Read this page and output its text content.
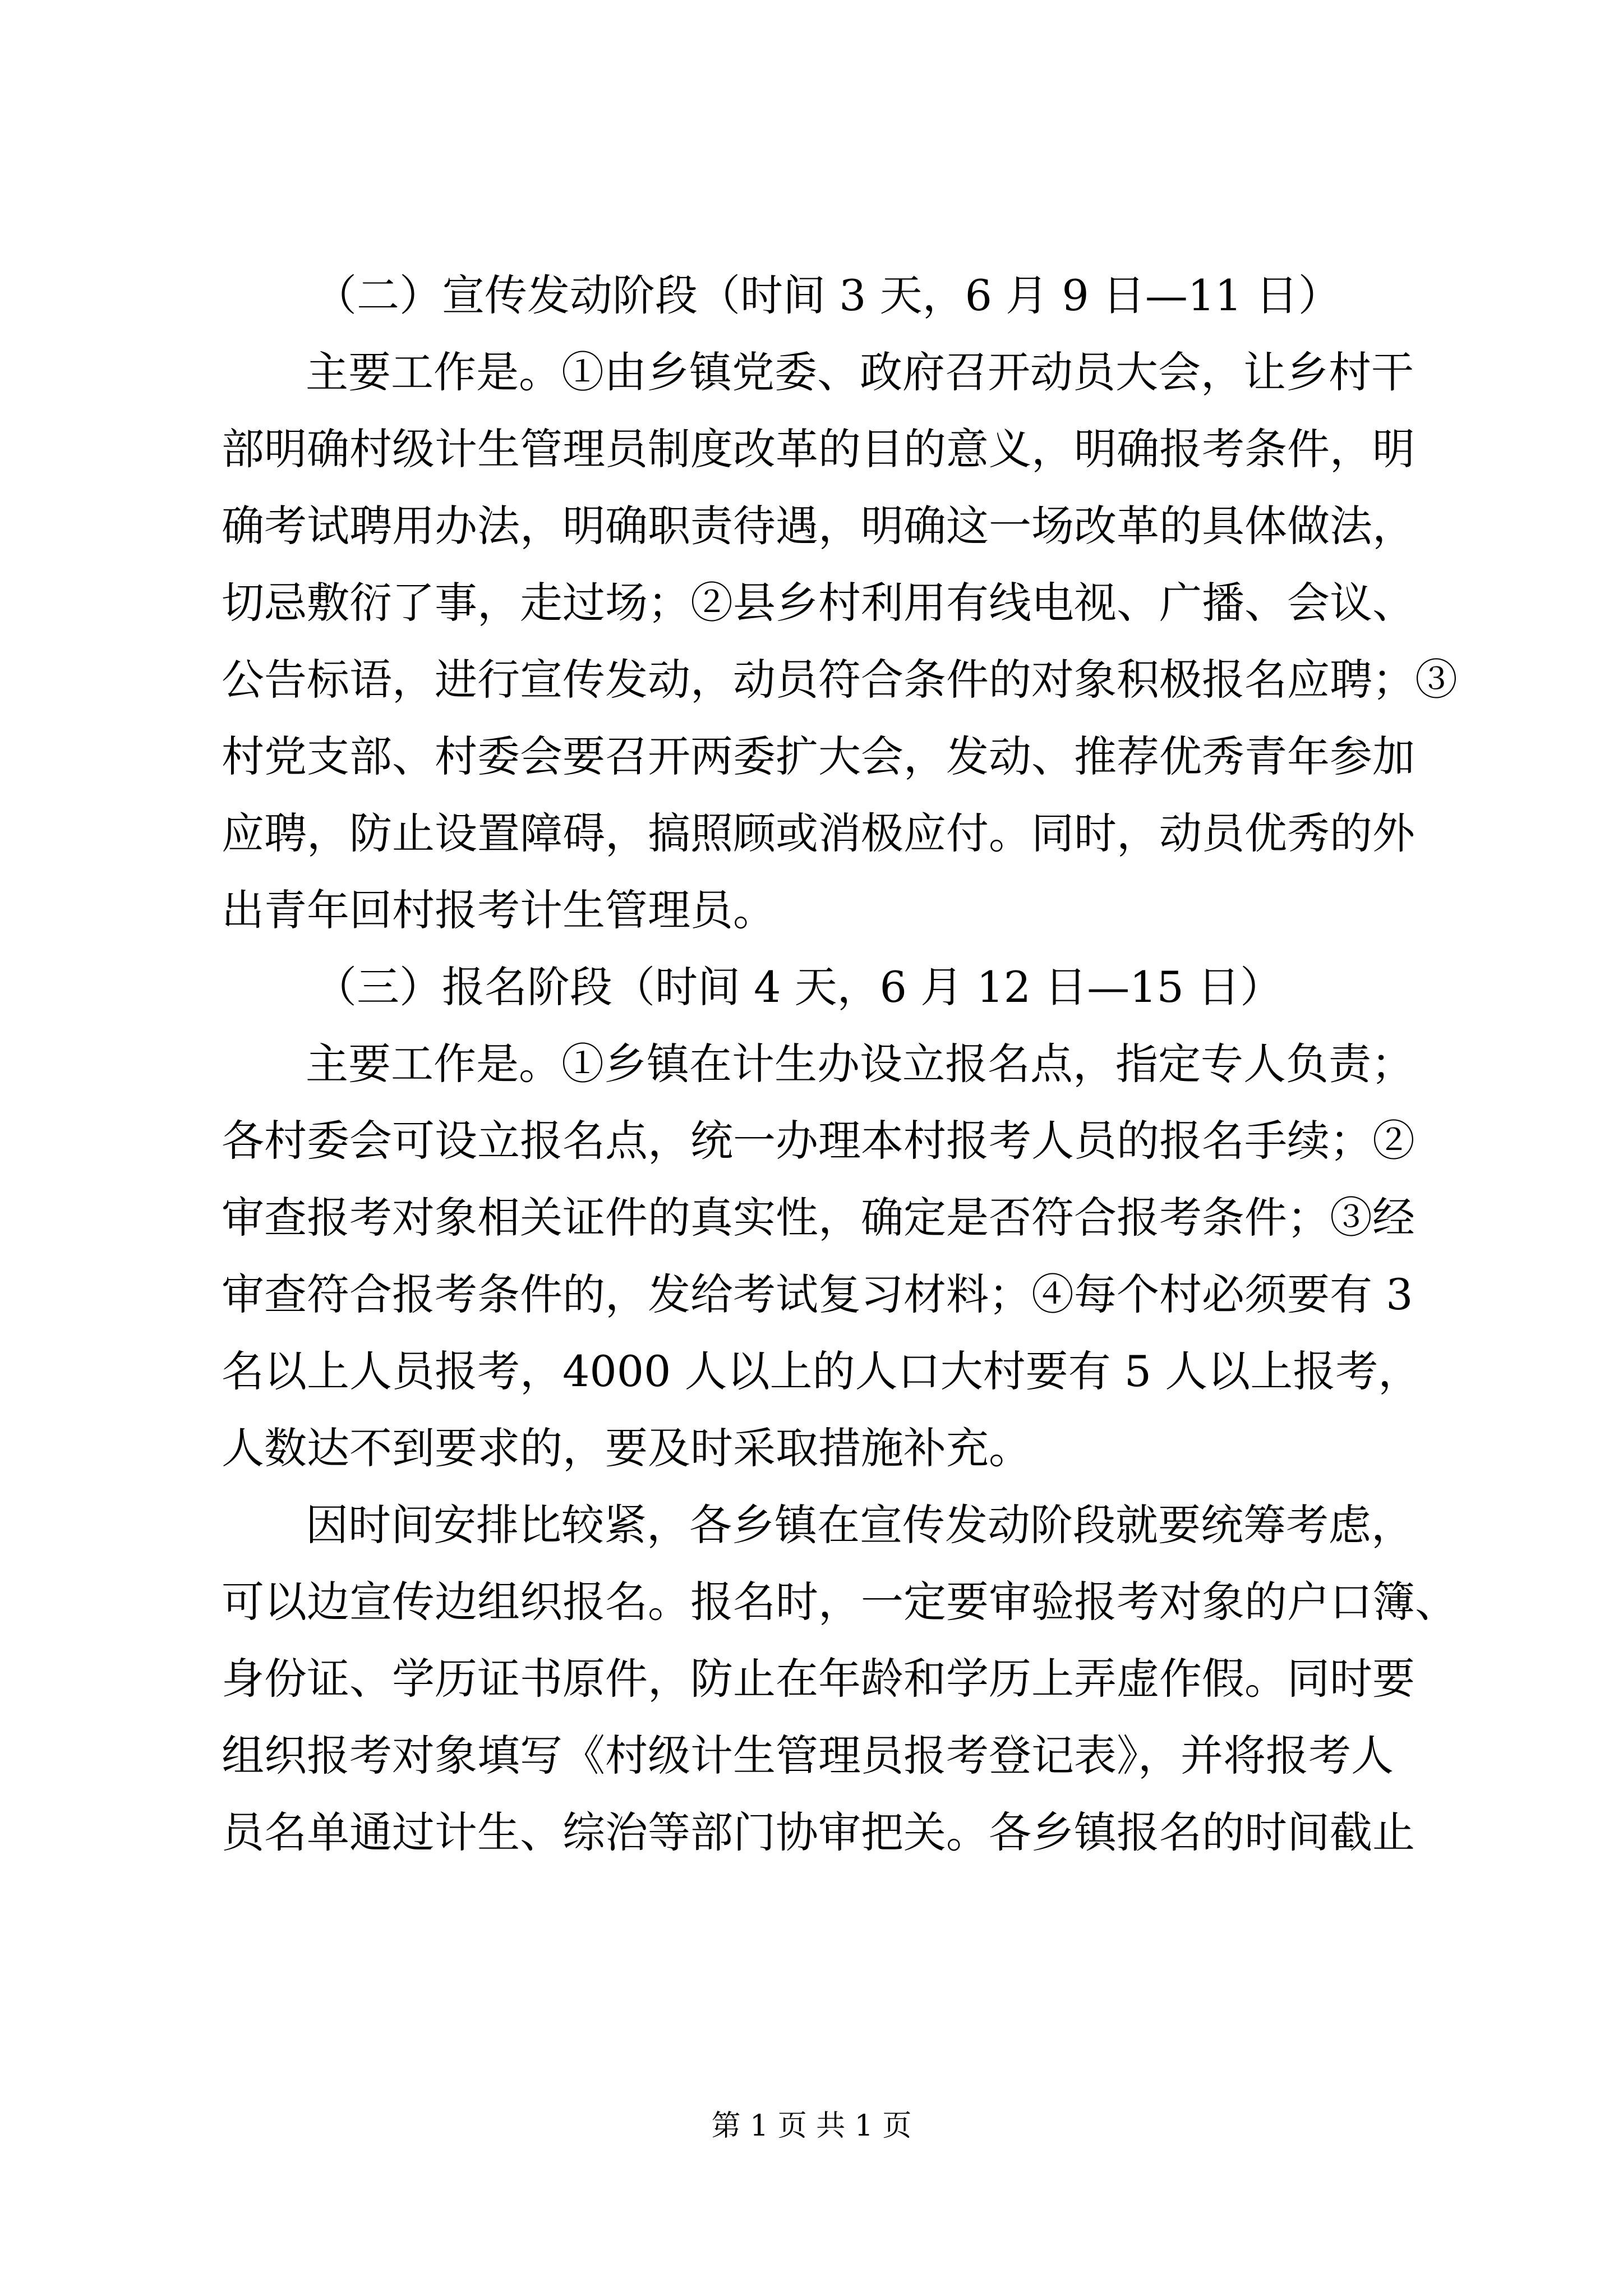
（二）宣传发动阶段（时间 3 天，6 月 9 日—11 日）
主要工作是。①由乡镇党委、政府召开动员大会，让乡村干
部明确村级计生管理员制度改革的目的意义，明确报考条件，明
确考试聘用办法，明确职责待遇，明确这一场改革的具体做法，
切忌敷衍了事，走过场；②县乡村利用有线电视、广播、会议、
公告标语，进行宣传发动，动员符合条件的对象积极报名应聘；③
村党支部、村委会要召开两委扩大会，发动、推荐优秀青年参加
应聘，防止设置障碍，搞照顾或消极应付。同时，动员优秀的外
出青年回村报考计生管理员。
（三）报名阶段（时间 4 天，6 月 12 日—15 日）
主要工作是。①乡镇在计生办设立报名点，指定专人负责；
各村委会可设立报名点，统一办理本村报考人员的报名手续；②
审查报考对象相关证件的真实性，确定是否符合报考条件；③经
审查符合报考条件的，发给考试复习材料；④每个村必须要有 3
名以上人员报考，4000 人以上的人口大村要有 5 人以上报考，
人数达不到要求的，要及时采取措施补充。
因时间安排比较紧，各乡镇在宣传发动阶段就要统筹考虑，
可以边宣传边组织报名。报名时，一定要审验报考对象的户口簿、
身份证、学历证书原件，防止在年龄和学历上弄虚作假。同时要
组织报考对象填写《村级计生管理员报考登记表》，并将报考人
员名单通过计生、综治等部门协审把关。各乡镇报名的时间截止
第 1 页 共 1 页
